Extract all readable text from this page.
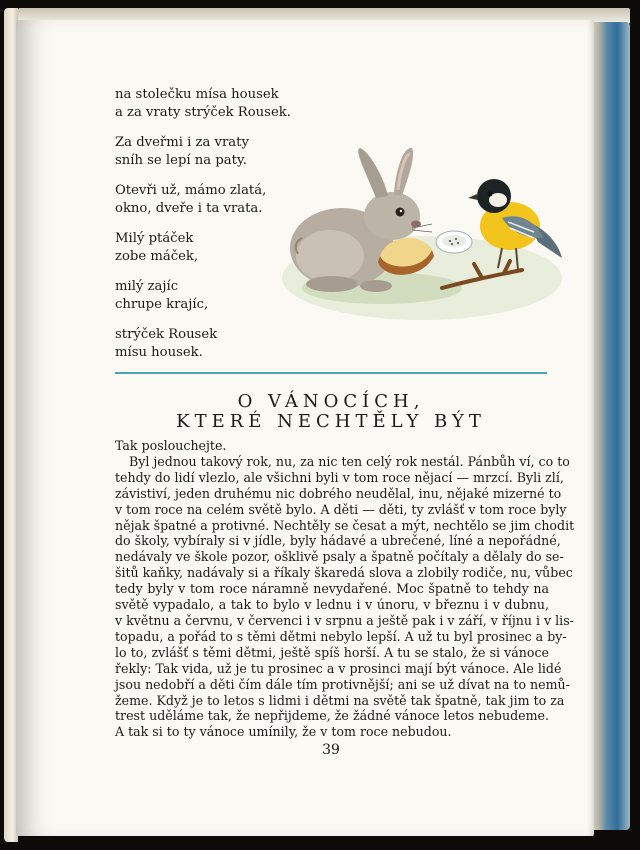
na stolečku mísa housek
a za vraty strýček Rousek.
Za dveřmi i za vraty
sníh se lepí na paty.
Otevři už, mámo zlatá,
okno, dveře i ta vrata.
Milý ptáček
zobe máček,
milý zajíc
chrupe krajíc,
strýček Rousek
mísu housek.
O VÁNOCÍCH,
KTERÉ NECHTĚLY BÝT
Tak poslouchejte.
Byl jednou takový rok, nu, za nic ten celý rok nestál. Pánbůh ví, co to
tehdy do lidí vlezlo, ale všichni byli v tom roce nějací — mrzcí. Byli zlí,
závistiví, jeden druhému nic dobrého neudělal, inu, nějaké mizerné to
v tom roce na celém světě bylo. A děti — děti, ty zvlášť v tom roce byly
nějak špatné a protivné. Nechtěly se česat a mýt, nechtělo se jim chodit
do školy, vybíraly si v jídle, byly hádavé a ubrečené, líné a nepořádné,
nedávaly ve škole pozor, ošklivě psaly a špatně počítaly a dělaly do se-
šitů kaňky, nadávaly si a říkaly škaredá slova a zlobily rodiče, nu, vůbec
tedy byly v tom roce náramně nevydařené. Moc špatně to tehdy na
světě vypadalo, a tak to bylo v lednu i v únoru, v březnu i v dubnu,
v květnu a červnu, v červenci i v srpnu a ještě pak i v září, v říjnu i v lis-
topadu, a pořád to s těmi dětmi nebylo lepší. A už tu byl prosinec a by-
lo to, zvlášť s těmi dětmi, ještě spíš horší. A tu se stalo, že si vánoce
řekly: Tak vida, už je tu prosinec a v prosinci mají být vánoce. Ale lidé
jsou nedobří a děti čím dále tím protivnější; ani se už dívat na to nemů-
žeme. Když je to letos s lidmi i dětmi na světě tak špatně, tak jim to za
trest uděláme tak, že nepřijdeme, že žádné vánoce letos nebudeme.
A tak si to ty vánoce umínily, že v tom roce nebudou.
39
